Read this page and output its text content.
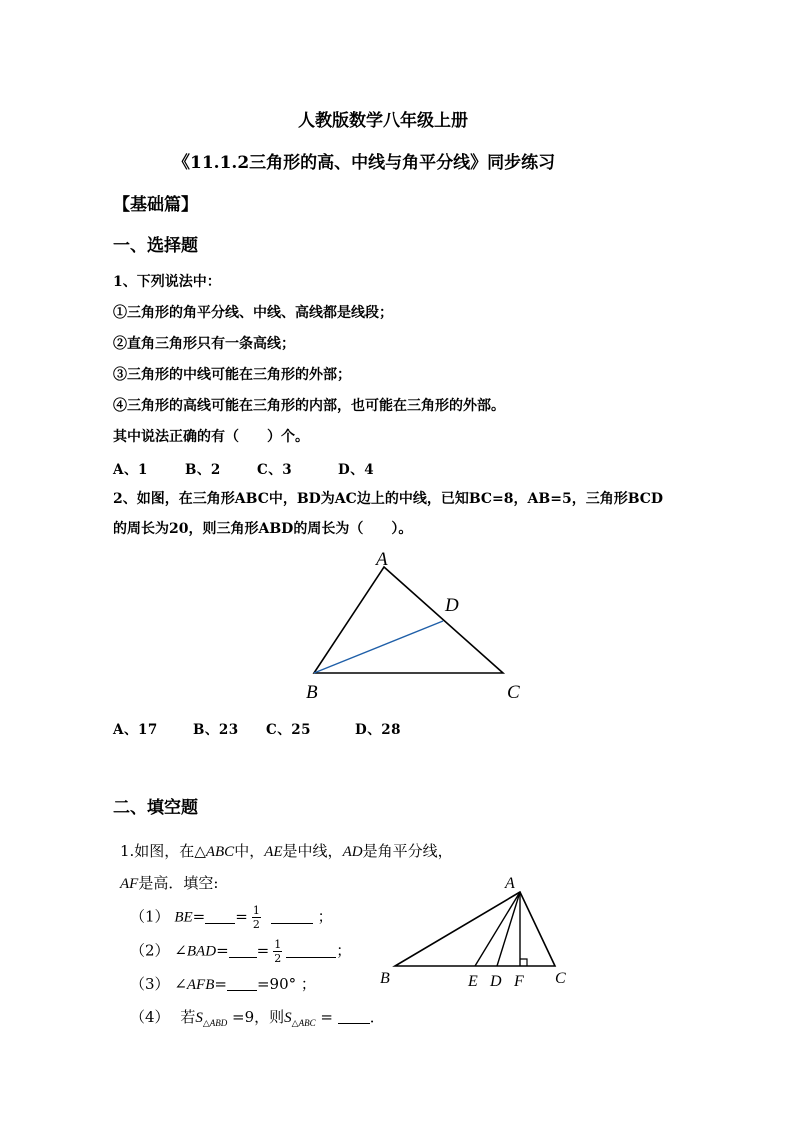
人教版数学八年级上册
《11.1.2三角形的高、中线与角平分线》同步练习
【基础篇】
一、选择题
1、下列说法中：
①三角形的角平分线、中线、高线都是线段；
②直角三角形只有一条高线；
③三角形的中线可能在三角形的外部；
④三角形的高线可能在三角形的内部，也可能在三角形的外部。
其中说法正确的有（　　）个。
A、1	B、2	C、3	D、4
2、如图，在三角形ABC中，BD为AC边上的中线，已知BC=8，AB=5，三角形BCD
的周长为20，则三角形ABD的周长为（　　）。
A
D
B	C
A、17	B、23 C、25	D、28
二、填空题
1.如图，在△ABC中，AE是中线，AD是角平分线，
AF是高．填空:
（1） $BE= = \frac{1}{2}$	；
（2） ∠BAD= = $\frac{1}{2}$	；
（3） ∠AFB= =90° ；
（4） 若$S_{\triangle ABD} =9$，则$S_{\triangle ABC}$ = ．
A
B	E D F C
